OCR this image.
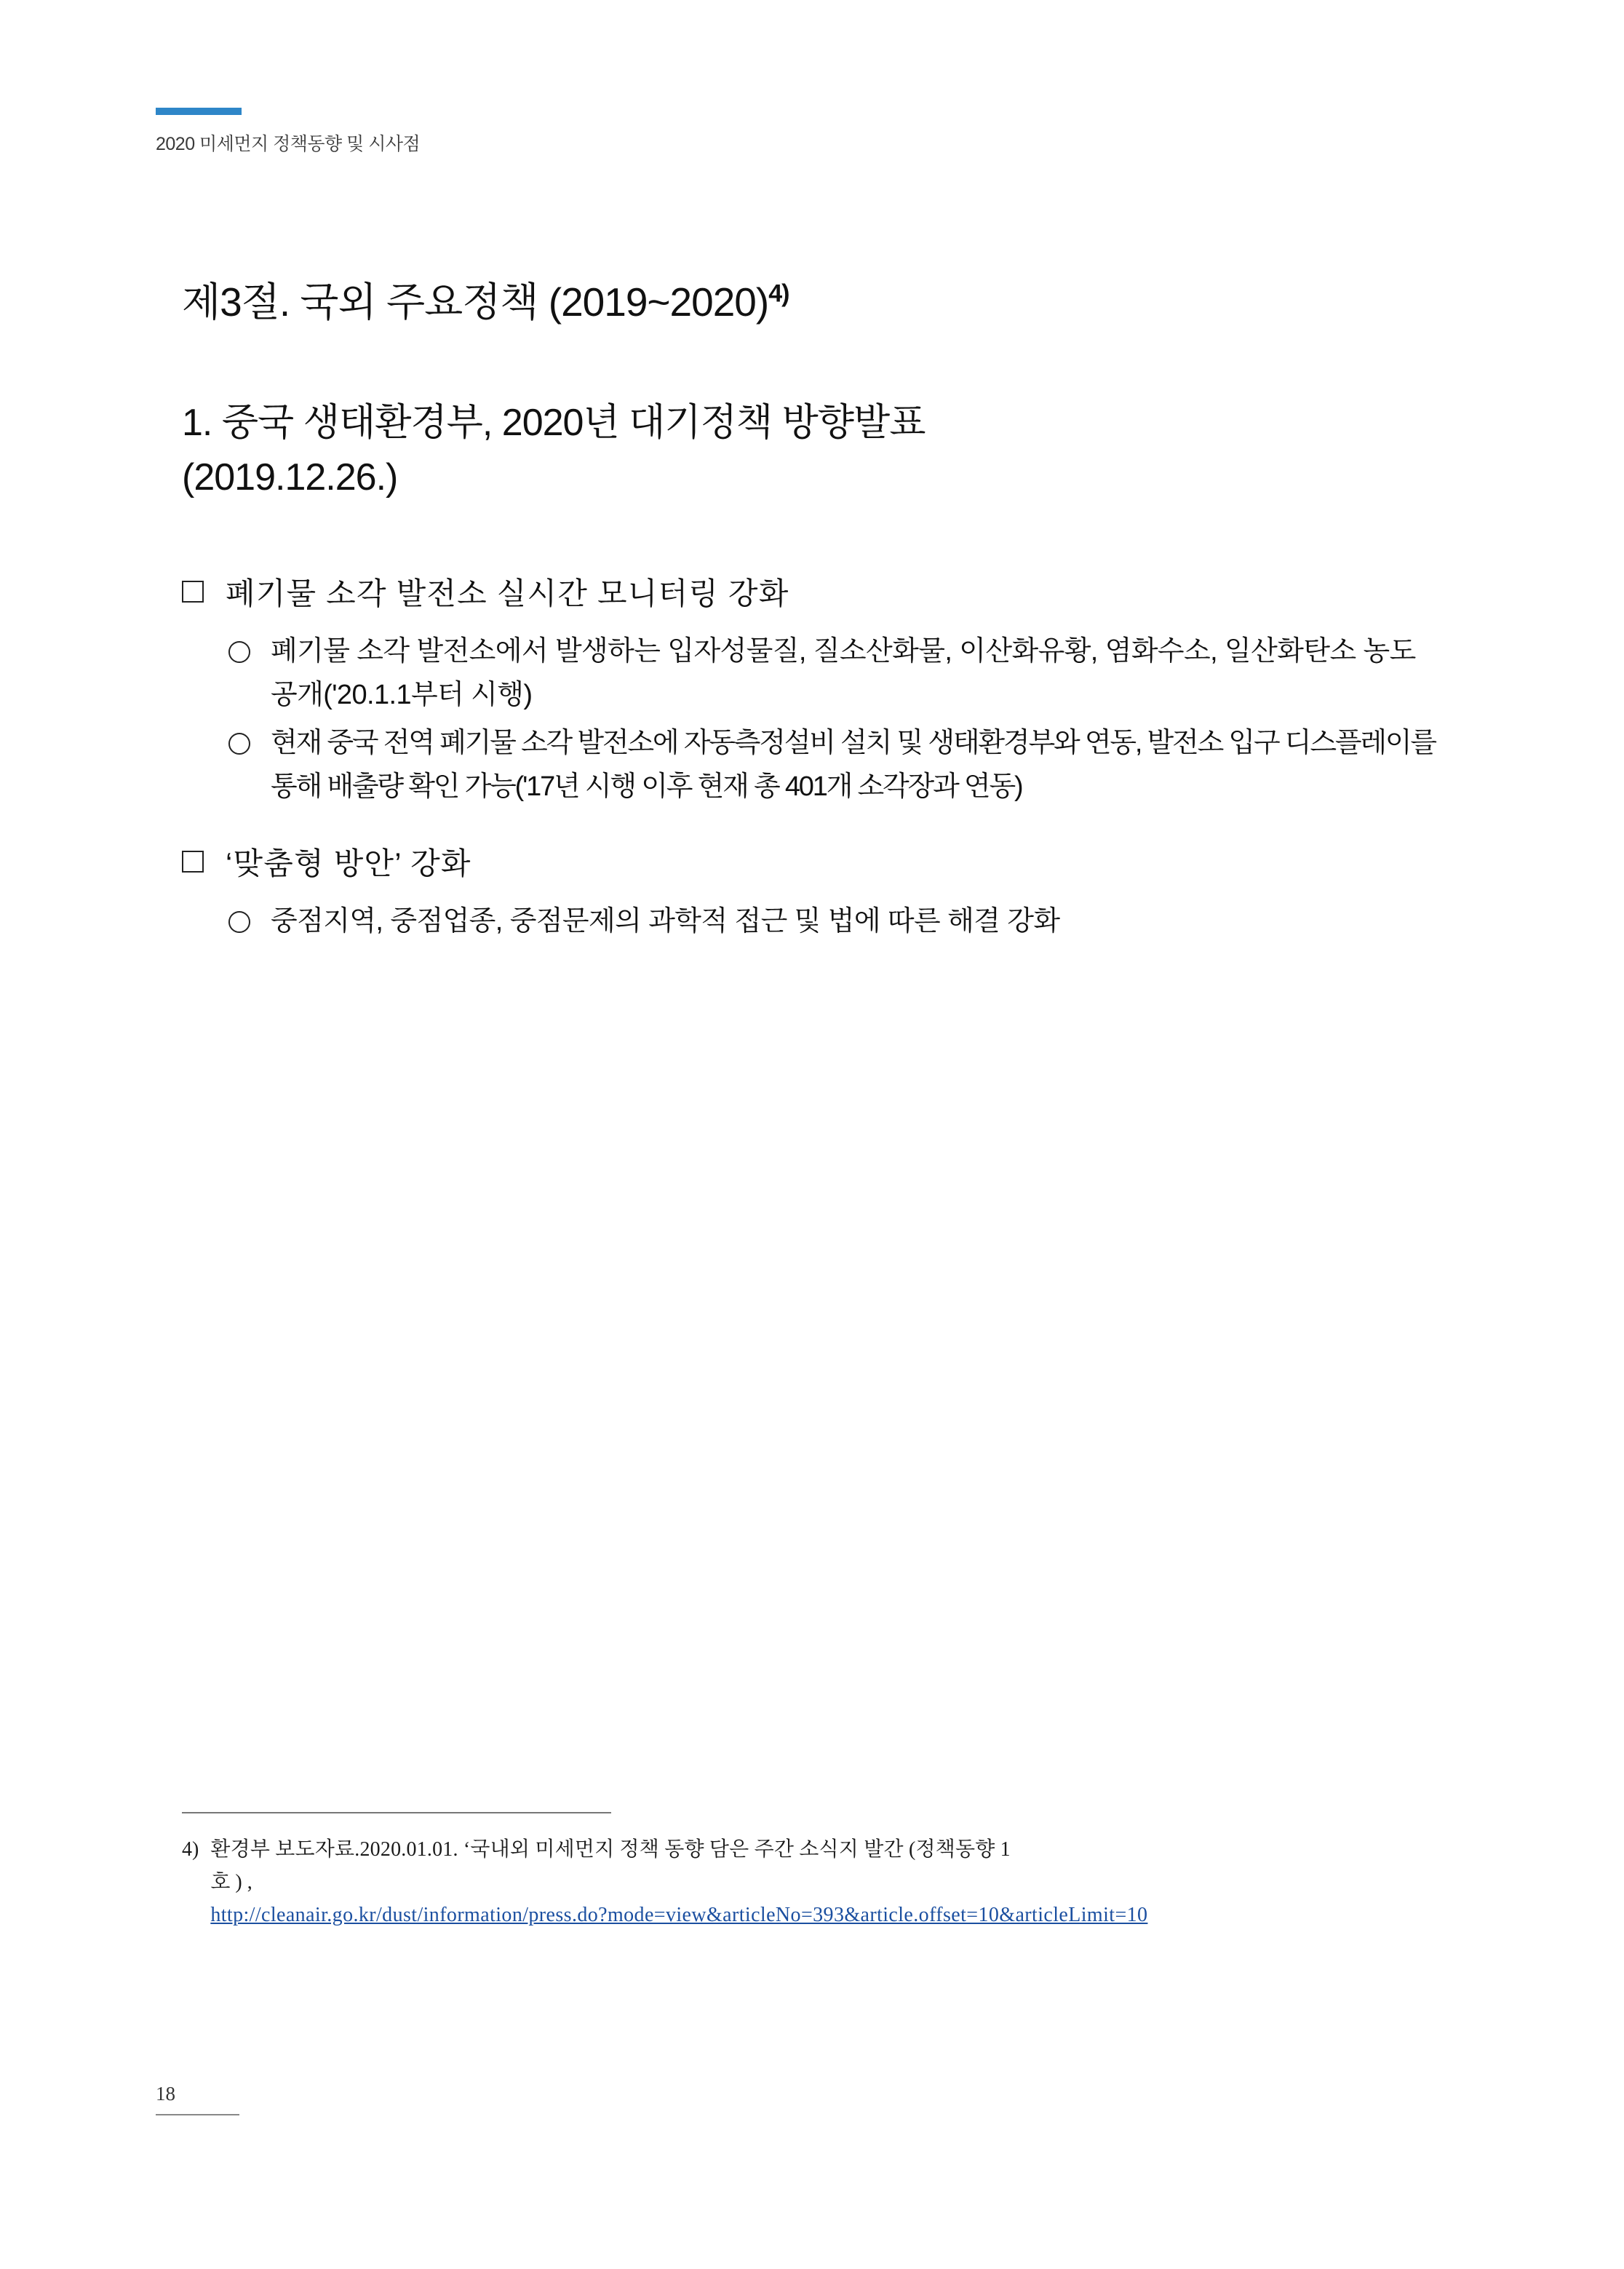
2020 미세먼지 정책동향 및 시사점
제3절. 국외 주요정책 (2019~2020)$^{4)}$
1. 중국 생태환경부, 2020년 대기정책 방향발표
(2019.12.26.)
폐기물 소각 발전소 실시간 모니터링 강화
폐기물 소각 발전소에서 발생하는 입자성물질, 질소산화물, 이산화유황, 염화수소, 일산화탄소 농도 공개('20.1.1부터 시행)
현재 중국 전역 폐기물 소각 발전소에 자동측정설비 설치 및 생태환경부와 연동, 발전소 입구 디스플레이를 통해 배출량 확인 가능('17년 시행 이후 현재 총 401개 소각장과 연동)
‘맞춤형 방안’ 강화
중점지역, 중점업종, 중점문제의 과학적 접근 및 법에 따른 해결 강화
4) 환경부 보도자료.2020.01.01. ‘국내외 미세먼지 정책 동향 담은 주간 소식지 발간 (정책동향 1
호 ) ,
http://cleanair.go.kr/dust/information/press.do?mode=view&articleNo=393&article.offset=10&articleLimit=10
18
